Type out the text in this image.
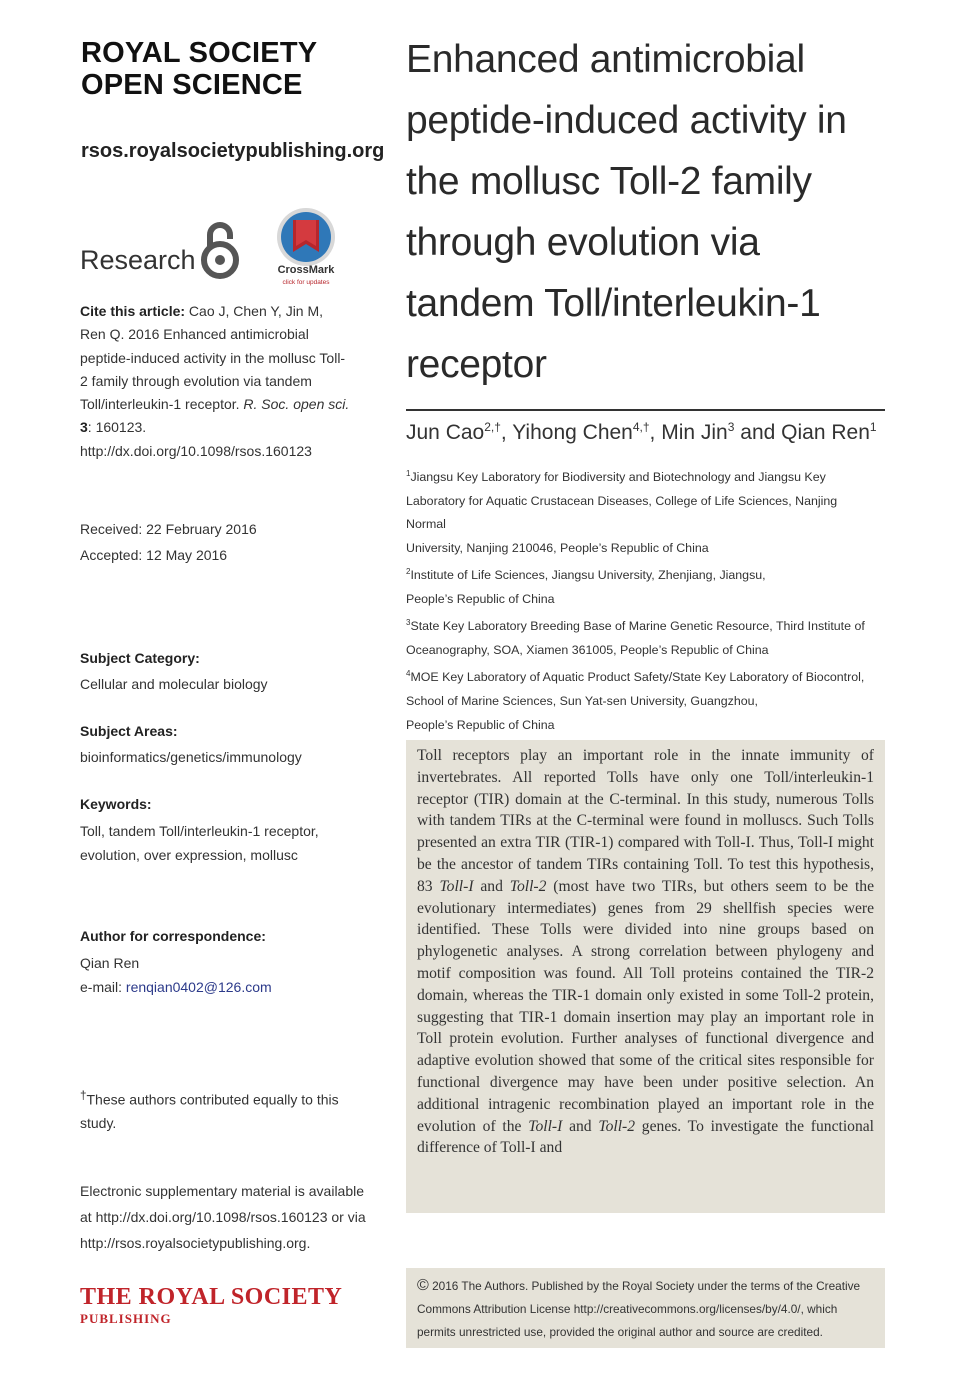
ROYAL SOCIETY
OPEN SCIENCE
rsos.royalsocietypublishing.org
Research	CrossMark
click for updates
Cite this article: Cao J, Chen Y, Jin M, Ren Q. 2016 Enhanced antimicrobial peptide-induced activity in the mollusc Toll-2 family through evolution via tandem Toll/interleukin-1 receptor. R. Soc. open sci. 3: 160123. http://dx.doi.org/10.1098/rsos.160123
Received: 22 February 2016
Accepted: 12 May 2016
Subject Category:
Cellular and molecular biology
Subject Areas:
bioinformatics/genetics/immunology
Keywords:
Toll, tandem Toll/interleukin-1 receptor,
evolution, over expression, mollusc
Author for correspondence:
Qian Ren
e-mail: renqian0402@126.com
†These authors contributed equally to this
study.
Electronic supplementary material is available
at http://dx.doi.org/10.1098/rsos.160123 or via
http://rsos.royalsocietypublishing.org.
THE ROYAL SOCIETY
PUBLISHING
Enhanced antimicrobial
peptide-induced activity in
the mollusc Toll-2 family
through evolution via
tandem Toll/interleukin-1
receptor
Jun Cao$^{2,\dagger}$, Yihong Chen$^{4,\dagger}$, Min Jin$^3$ and Qian Ren$^1$
$^1$Jiangsu Key Laboratory for Biodiversity and Biotechnology and Jiangsu Key
Laboratory for Aquatic Crustacean Diseases, College of Life Sciences, Nanjing Normal
University, Nanjing 210046, People’s Republic of China
$^2$Institute of Life Sciences, Jiangsu University, Zhenjiang, Jiangsu,
People’s Republic of China
$^3$State Key Laboratory Breeding Base of Marine Genetic Resource, Third Institute of
Oceanography, SOA, Xiamen 361005, People’s Republic of China
$^4$MOE Key Laboratory of Aquatic Product Safety/State Key Laboratory of Biocontrol,
School of Marine Sciences, Sun Yat-sen University, Guangzhou,
People’s Republic of China
Toll receptors play an important role in the innate immunity of invertebrates. All reported Tolls have only one Toll/interleukin-1 receptor (TIR) domain at the C-terminal. In this study, numerous Tolls with tandem TIRs at the C-terminal were found in molluscs. Such Tolls presented an extra TIR (TIR-1) compared with Toll-I. Thus, Toll-I might be the ancestor of tandem TIRs containing Toll. To test this hypothesis, 83 Toll-I and Toll-2 (most have two TIRs, but others seem to be the evolutionary intermediates) genes from 29 shellfish species were identified. These Tolls were divided into nine groups based on phylogenetic analyses. A strong correlation between phylogeny and motif composition was found. All Toll proteins contained the TIR-2 domain, whereas the TIR-1 domain only existed in some Toll-2 protein, suggesting that TIR-1 domain insertion may play an important role in Toll protein evolution. Further analyses of functional divergence and adaptive evolution showed that some of the critical sites responsible for functional divergence may have been under positive selection. An additional intragenic recombination played an important role in the evolution of the Toll-I and Toll-2 genes. To investigate the functional difference of Toll-I and
© 2016 The Authors. Published by the Royal Society under the terms of the Creative Commons Attribution License http://creativecommons.org/licenses/by/4.0/, which permits unrestricted use, provided the original author and source are credited.
